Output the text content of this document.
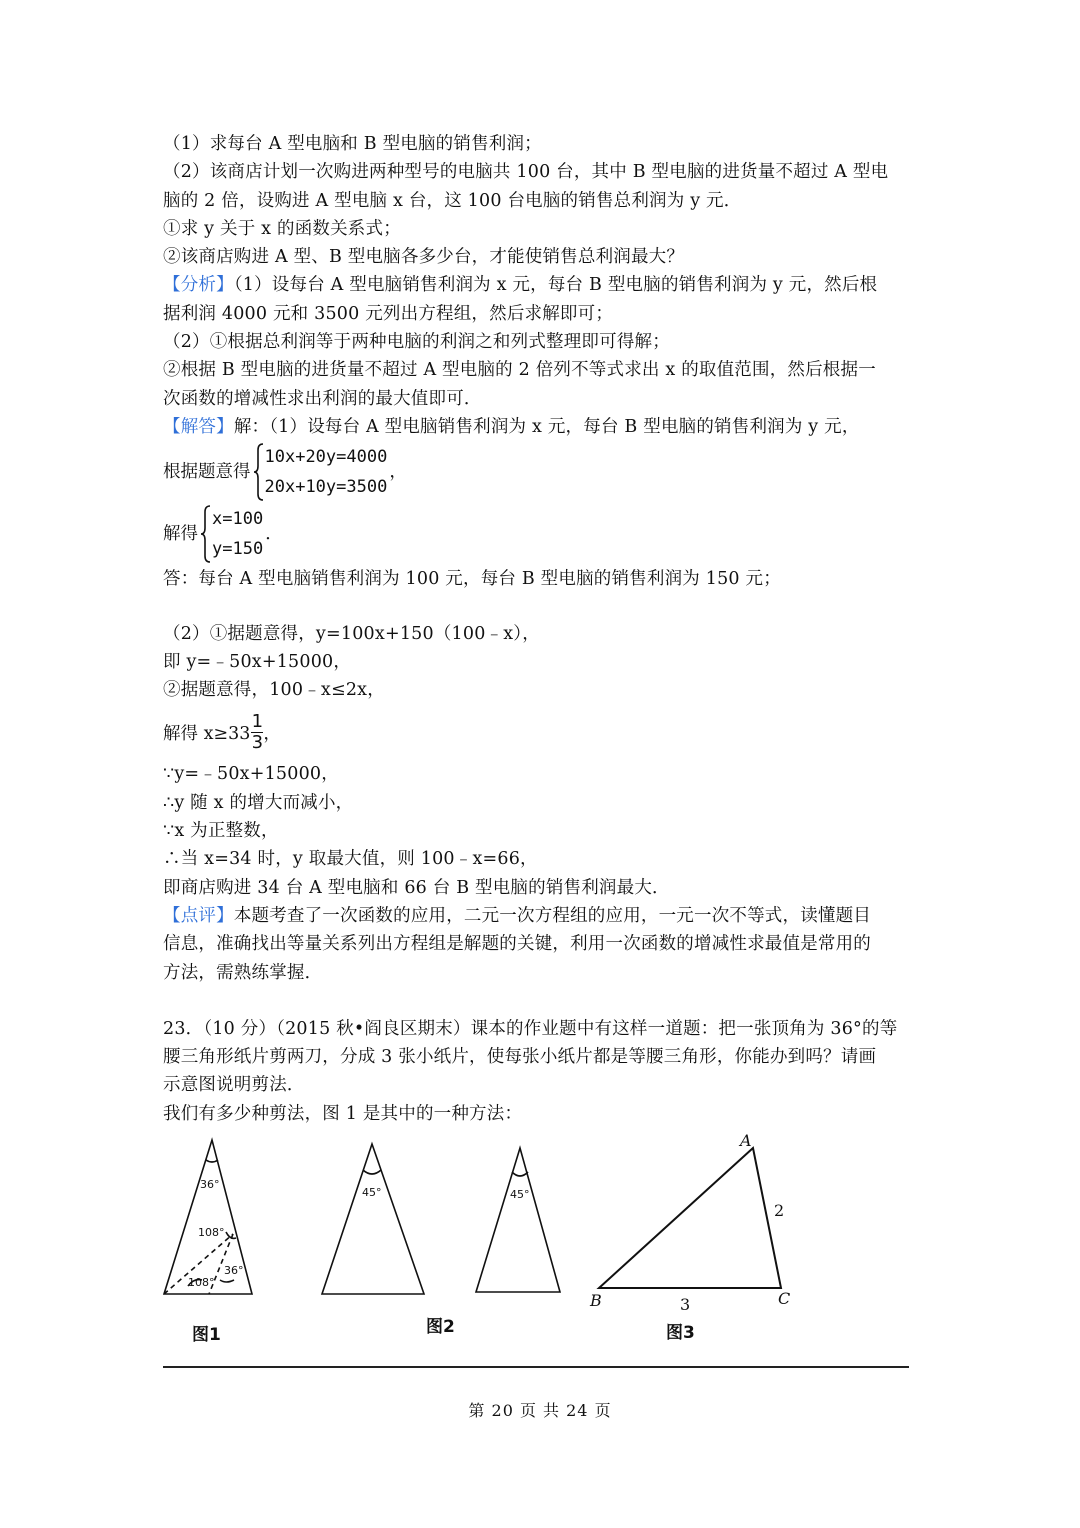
（1）求每台 A 型电脑和 B 型电脑的销售利润；
（2）该商店计划一次购进两种型号的电脑共 100 台，其中 B 型电脑的进货量不超过 A 型电
脑的 2 倍，设购进 A 型电脑 x 台，这 100 台电脑的销售总利润为 y 元．
①求 y 关于 x 的函数关系式；
②该商店购进 A 型、B 型电脑各多少台，才能使销售总利润最大？
【分析】（1）设每台 A 型电脑销售利润为 x 元，每台 B 型电脑的销售利润为 y 元，然后根
据利润 4000 元和 3500 元列出方程组，然后求解即可；
（2）①根据总利润等于两种电脑的利润之和列式整理即可得解；
②根据 B 型电脑的进货量不超过 A 型电脑的 2 倍列不等式求出 x 的取值范围，然后根据一
次函数的增减性求出利润的最大值即可．
【解答】解：（1）设每台 A 型电脑销售利润为 x 元，每台 B 型电脑的销售利润为 y 元，
根据题意得
10x+20y=4000
20x+10y=3500
，
解得
x=100
y=150
．
答：每台 A 型电脑销售利润为 100 元，每台 B 型电脑的销售利润为 150 元；
（2）①据题意得，y=100x+150（100﹣x），
即 y=﹣50x+15000，
②据题意得，100﹣x≤2x，
解得 $x\ge 33 \frac{1}{3}$ ，
∵y=﹣50x+15000，
∴y 随 x 的增大而减小，
∵x 为正整数，
∴当 x=34 时，y 取最大值，则 100﹣x=66，
即商店购进 34 台 A 型电脑和 66 台 B 型电脑的销售利润最大．
【点评】本题考查了一次函数的应用，二元一次方程组的应用，一元一次不等式，读懂题目
信息，准确找出等量关系列出方程组是解题的关键，利用一次函数的增减性求最值是常用的
方法，需熟练掌握．
23．（10 分）（2015 秋•阎良区期末）课本的作业题中有这样一道题：把一张顶角为 36°的等
腰三角形纸片剪两刀，分成 3 张小纸片，使每张小纸片都是等腰三角形，你能办到吗？请画
示意图说明剪法．
我们有多少种剪法，图 1 是其中的一种方法：
36°
108°
36°
108°
45°	45°
A
B	C
2
3
图1	图2	图3
第 20 页 共 24 页
